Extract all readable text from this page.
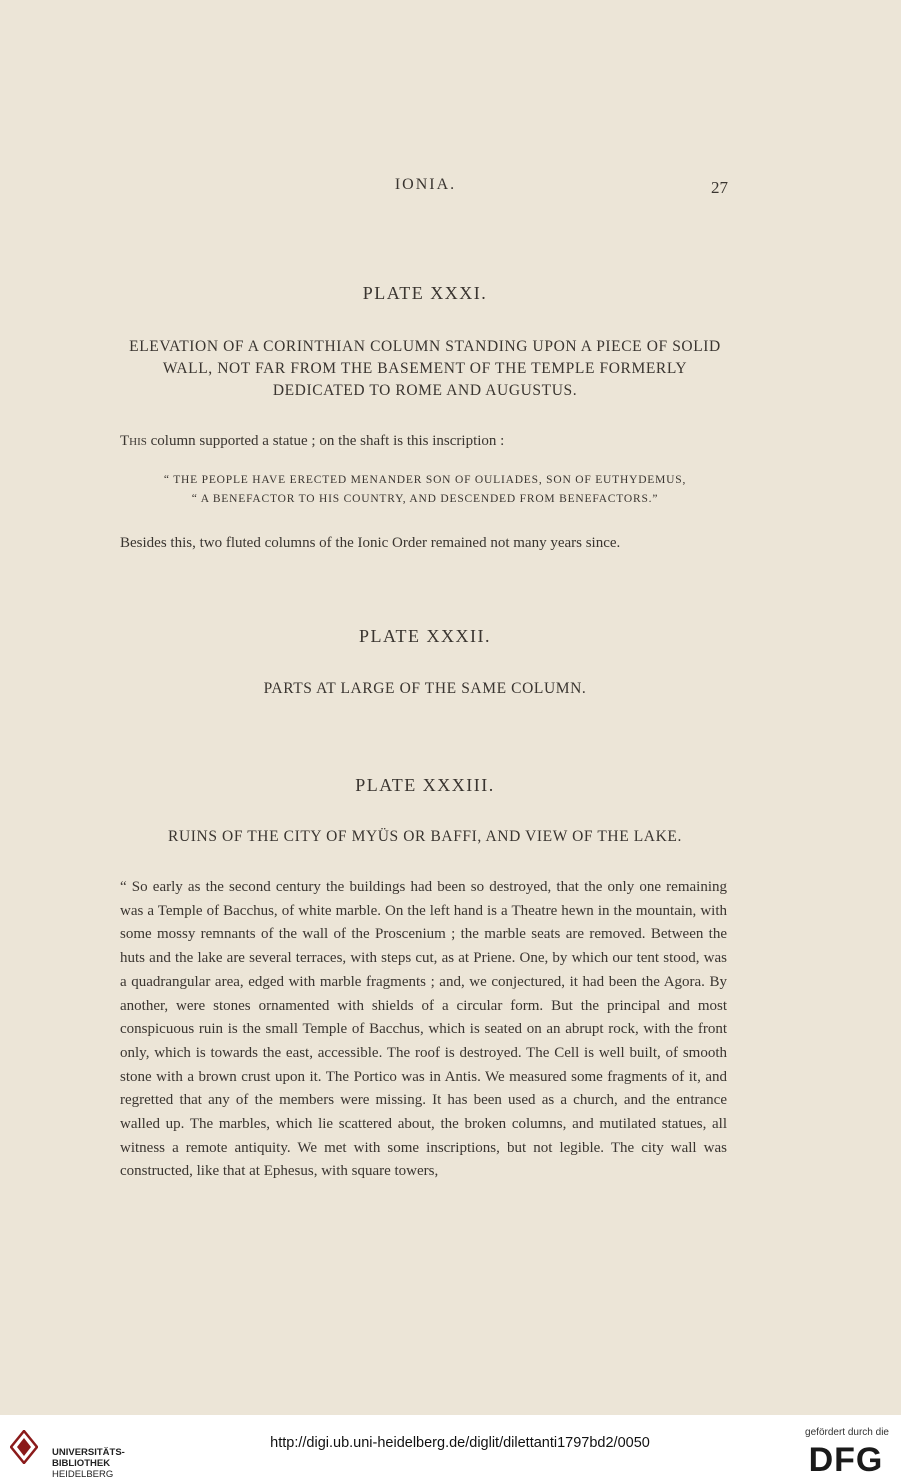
IONIA.	27
PLATE XXXI.
ELEVATION OF A CORINTHIAN COLUMN STANDING UPON A PIECE OF SOLID
WALL, NOT FAR FROM THE BASEMENT OF THE TEMPLE FORMERLY
DEDICATED TO ROME AND AUGUSTUS.
This column supported a statue ; on the shaft is this inscription :
“ THE PEOPLE HAVE ERECTED MENANDER SON OF OULIADES, SON OF EUTHYDEMUS,
“ A BENEFACTOR TO HIS COUNTRY, AND DESCENDED FROM BENEFACTORS.”
Besides this, two fluted columns of the Ionic Order remained not many years since.
PLATE XXXII.
PARTS AT LARGE OF THE SAME COLUMN.
PLATE XXXIII.
RUINS OF THE CITY OF MYÜS OR BAFFI, AND VIEW OF THE LAKE.
“ So early as the second century the buildings had been so destroyed, that the only one remaining was a Temple of Bacchus, of white marble. On the left hand is a Theatre hewn in the mountain, with some mossy remnants of the wall of the Proscenium ; the marble seats are removed. Between the huts and the lake are several terraces, with steps cut, as at Priene. One, by which our tent stood, was a quadrangular area, edged with marble fragments ; and, we conjectured, it had been the Agora. By another, were stones ornamented with shields of a circular form. But the principal and most conspicuous ruin is the small Temple of Bacchus, which is seated on an abrupt rock, with the front only, which is towards the east, accessible. The roof is destroyed. The Cell is well built, of smooth stone with a brown crust upon it. The Portico was in Antis. We measured some fragments of it, and regretted that any of the members were missing. It has been used as a church, and the entrance walled up. The marbles, which lie scattered about, the broken columns, and mutilated statues, all witness a remote antiquity. We met with some inscriptions, but not legible. The city wall was constructed, like that at Ephesus, with square towers,
UNIVERSITÄTS-
BIBLIOTHEK
HEIDELBERG
http://digi.ub.uni-heidelberg.de/diglit/dilettanti1797bd2/0050
gefördert durch die
DFG
